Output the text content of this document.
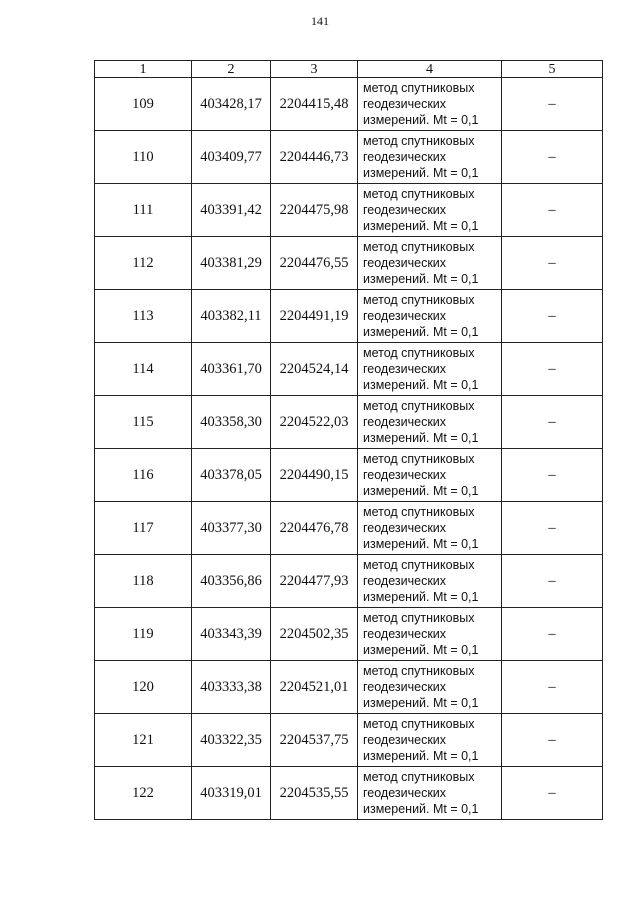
141
1	2	3	4	5
109	403428,17	2204415,48	метод спутниковых
геодезических
измерений. Mt = 0,1	–
110	403409,77	2204446,73	метод спутниковых
геодезических
измерений. Mt = 0,1	–
111	403391,42	2204475,98	метод спутниковых
геодезических
измерений. Mt = 0,1	–
112	403381,29	2204476,55	метод спутниковых
геодезических
измерений. Mt = 0,1	–
113	403382,11	2204491,19	метод спутниковых
геодезических
измерений. Mt = 0,1	–
114	403361,70	2204524,14	метод спутниковых
геодезических
измерений. Mt = 0,1	–
115	403358,30	2204522,03	метод спутниковых
геодезических
измерений. Mt = 0,1	–
116	403378,05	2204490,15	метод спутниковых
геодезических
измерений. Mt = 0,1	–
117	403377,30	2204476,78	метод спутниковых
геодезических
измерений. Mt = 0,1	–
118	403356,86	2204477,93	метод спутниковых
геодезических
измерений. Mt = 0,1	–
119	403343,39	2204502,35	метод спутниковых
геодезических
измерений. Mt = 0,1	–
120	403333,38	2204521,01	метод спутниковых
геодезических
измерений. Mt = 0,1	–
121	403322,35	2204537,75	метод спутниковых
геодезических
измерений. Mt = 0,1	–
122	403319,01	2204535,55	метод спутниковых
геодезических
измерений. Mt = 0,1	–
